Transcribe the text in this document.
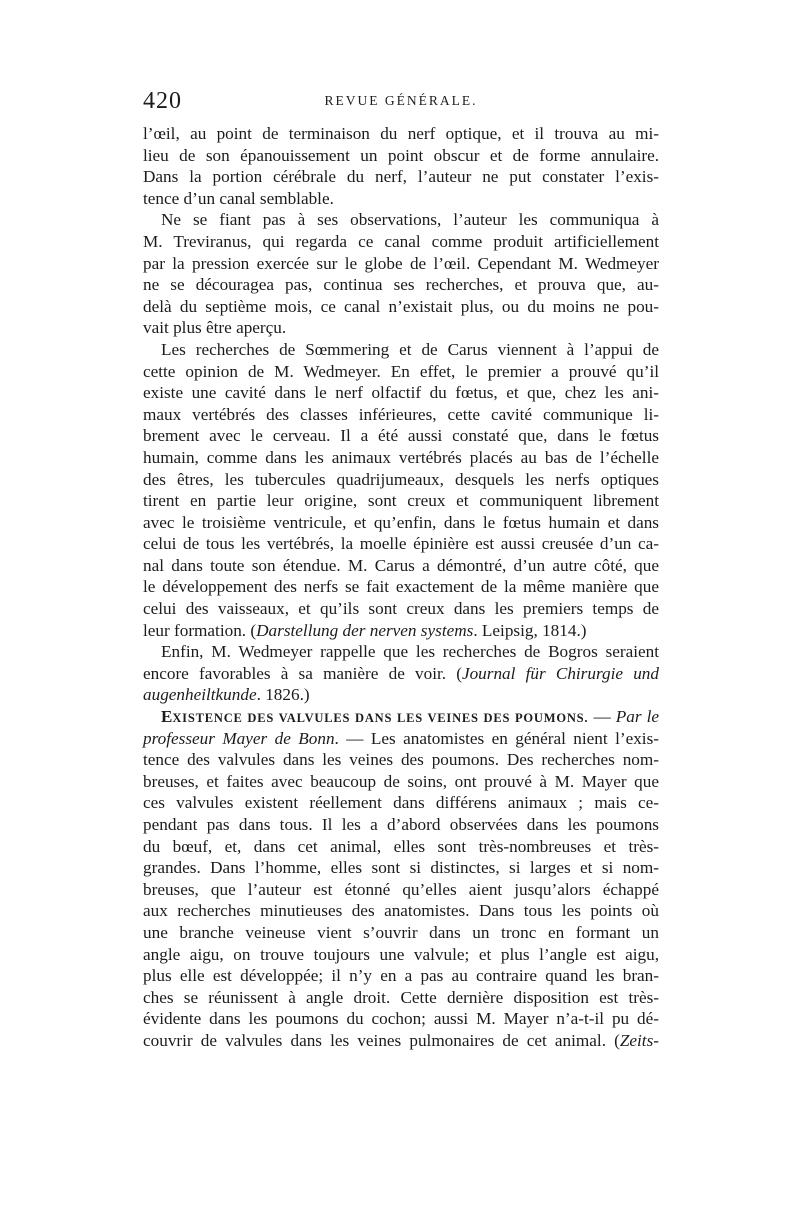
420	REVUE GÉNÉRALE.
l’œil, au point de terminaison du nerf optique, et il trouva au mi-
lieu de son épanouissement un point obscur et de forme annulaire.
Dans la portion cérébrale du nerf, l’auteur ne put constater l’exis-
tence d’un canal semblable.
Ne se fiant pas à ses observations, l’auteur les communiqua à
M. Treviranus, qui regarda ce canal comme produit artificiellement
par la pression exercée sur le globe de l’œil. Cependant M. Wedmeyer
ne se découragea pas, continua ses recherches, et prouva que, au-
delà du septième mois, ce canal n’existait plus, ou du moins ne pou-
vait plus être aperçu.
Les recherches de Sœmmering et de Carus viennent à l’appui de
cette opinion de M. Wedmeyer. En effet, le premier a prouvé qu’il
existe une cavité dans le nerf olfactif du fœtus, et que, chez les ani-
maux vertébrés des classes inférieures, cette cavité communique li-
brement avec le cerveau. Il a été aussi constaté que, dans le fœtus
humain, comme dans les animaux vertébrés placés au bas de l’échelle
des êtres, les tubercules quadrijumeaux, desquels les nerfs optiques
tirent en partie leur origine, sont creux et communiquent librement
avec le troisième ventricule, et qu’enfin, dans le fœtus humain et dans
celui de tous les vertébrés, la moelle épinière est aussi creusée d’un ca-
nal dans toute son étendue. M. Carus a démontré, d’un autre côté, que
le développement des nerfs se fait exactement de la même manière que
celui des vaisseaux, et qu’ils sont creux dans les premiers temps de
leur formation. (Darstellung der nerven systems. Leipsig, 1814.)
Enfin, M. Wedmeyer rappelle que les recherches de Bogros seraient
encore favorables à sa manière de voir. (Journal für Chirurgie und
augenheiltkunde. 1826.)
EXISTENCE DES VALVULES DANS LES VEINES DES POUMONS. — Par le
professeur Mayer de Bonn. — Les anatomistes en général nient l’exis-
tence des valvules dans les veines des poumons. Des recherches nom-
breuses, et faites avec beaucoup de soins, ont prouvé à M. Mayer que
ces valvules existent réellement dans différens animaux ; mais ce-
pendant pas dans tous. Il les a d’abord observées dans les poumons
du bœuf, et, dans cet animal, elles sont très-nombreuses et très-
grandes. Dans l’homme, elles sont si distinctes, si larges et si nom-
breuses, que l’auteur est étonné qu’elles aient jusqu’alors échappé
aux recherches minutieuses des anatomistes. Dans tous les points où
une branche veineuse vient s’ouvrir dans un tronc en formant un
angle aigu, on trouve toujours une valvule; et plus l’angle est aigu,
plus elle est développée; il n’y en a pas au contraire quand les bran-
ches se réunissent à angle droit. Cette dernière disposition est très-
évidente dans les poumons du cochon; aussi M. Mayer n’a-t-il pu dé-
couvrir de valvules dans les veines pulmonaires de cet animal. (Zeits-
